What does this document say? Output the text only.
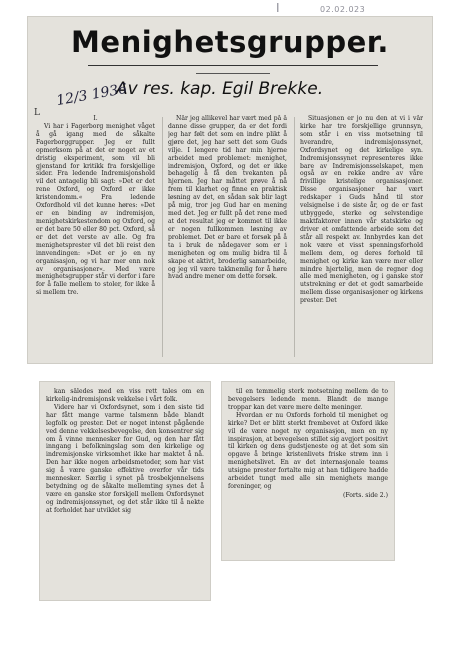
I	02.02.023
Menighetsgrupper.
Av res. kap. Egil Brekke.
12/3 1936
L

I.

Vi har i Fagerborg menighet våget å gå igang med de såkalte Fagerborggrupper. Jeg er fullt opmerksom på at det er noget av et dristig eksperiment, som vil bli gjenstand for kritikk fra forskjellige sider. Fra ledende Indremisjonshold vil det antagelig bli sagt: »Det er det rene Oxford, og Oxford er ikke kristendomm.« Fra ledende Oxfordhold vil det kunne høres: »Det er en binding av indremisjon, menighetskirkestendom og Oxford, og er det bare 50 eller 80 pct. Oxford, så er det det verste av alle. Og fra menighetsprester vil det bli reist den innvendingen: »Det er jo en ny organisasjon, og vi har mer enn nok av organisasjoner«. Med være menighetsgrupper står vi derfor i fare for å falle mellem to stoler, for ikke å si mellem tre.

Når jeg allikevel har vært med på å danne disse grupper, da er det fordi jeg har følt det som en indre plikt å gjøre det, jeg har sett det som Guds vilje. I lengere tid har min hjerne arbeidet med problemet: menighet, indremisjon, Oxford, og det er ikke behagelig å få den tvekanten på hjernen. Jeg har måttet prøve å nå frem til klarhet og finne en praktisk løsning av det, en sådan sak blir lagt på mig, tror jeg Gud har en mening med det. Jeg er fullt på det rene med at det resultat jeg er kommet til ikke er nogen fullkommen løsning av problemet. Det er bare et forsøk på å ta i bruk de nådegaver som er i menigheten og om mulig bidra til å skape et aktivt, broderlig samarbeide, og jeg vil være takknemlig for å høre hvad andre mener om dette forsøk.

Situasjonen er jo nu den at vi i vår kirke har tre forskjellige grunnsyn, som står i en viss motsetning til hverandre, indremisjonssynet, Oxfordsynet og det kirkelige syn. Indremisjonssynet representeres ikke bare av Indremisjonsselskapet, men også av en rekke andre av våre frivillige kristelige organisasjoner. Disse organisasjoner har vært redskaper i Guds hånd til stor velsignelse i de siste år, og de er fast utbyggede, sterke og selvstendige maktfaktorer innen vår statskirke og driver et omfattende arbeide som det står all respekt av. Innbyrdes kan det nok være et visst spenningsforhold mellem dem, og deres forhold til menighet og kirke kan være mer eller mindre hjertelig, men de regner dog alle med menigheten, og i ganske stor utstrekning er det et godt samarbeide mellem disse organisasjoner og kirkens prester. Det

kan således med en viss rett tales om en kirkelig-indremisjonsk vekkelse i vårt folk.

Videre har vi Oxfordsynet, som i den siste tid har fått mange varme talsmenn både blandt legfolk og prester. Det er noget intenst pågående ved denne vekkelsesbevegelse, den konsentrer sig om å vinne mennesker for Gud, og den har fått inngang i befolkningslag som den kirkelige og indremisjonske virksomhet ikke har maktet å nå. Den har ikke nogen arbeidsmetoder, som har vist sig å være ganske effektive overfor vår tids mennesker. Særlig i synet på trosbekjennelsens betydning og de såkalte mellemting synes det å være en ganske stor forskjell mellem Oxfordsynet og indremisjonssynet, og det står ikke til å nekte at forholdet har utviklet sig

til en temmelig sterk motsetning mellem de to bevegelsers ledende menn. Blandt de mange troppar kan det være mere delte meninger.

Hvordan er nu Oxfords forhold til menighet og kirke? Det er blitt sterkt frembevet at Oxford ikke vil de være noget ny organisasjon, men en ny inspirasjon, at bevegelsen stillet sig avgjort positivt til kirken og dens gudstjeneste og at det som sin opgave å bringe kristenlivets friske strøm inn i menighetslivet. En av det internasjonale teams utsigne prester fortalte mig at han tidligere hadde arbeidet tungt med alle sin menighets mange foreninger, og

(Forts. side 2.)
